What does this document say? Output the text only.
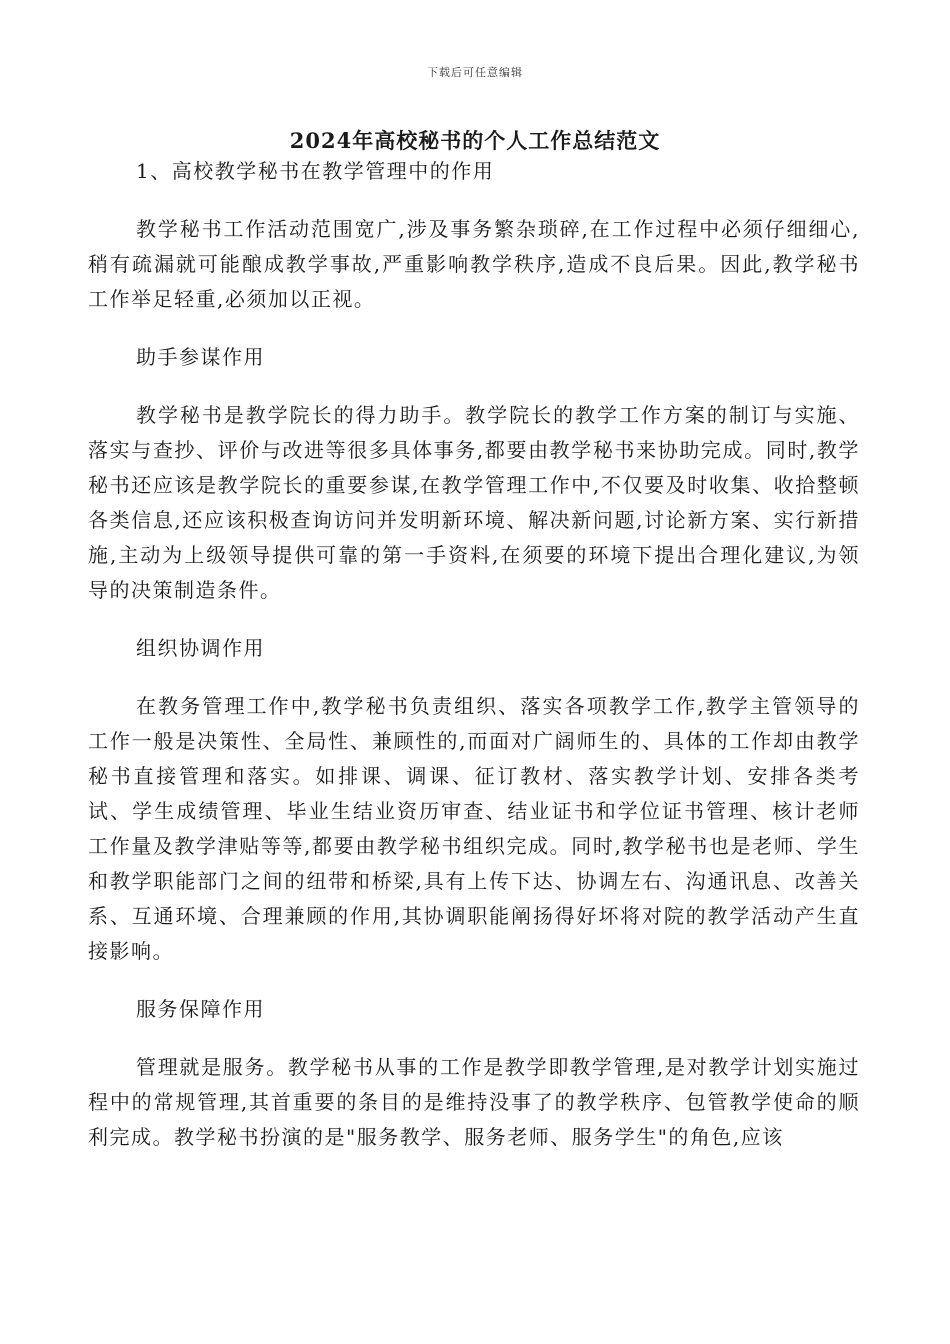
下载后可任意编辑
2024年高校秘书的个人工作总结范文

1、高校教学秘书在教学管理中的作用

教学秘书工作活动范围宽广,涉及事务繁杂琐碎,在工作过程中必须仔细细心,稍有疏漏就可能酿成教学事故,严重影响教学秩序,造成不良后果。因此,教学秘书工作举足轻重,必须加以正视。

助手参谋作用

教学秘书是教学院长的得力助手。教学院长的教学工作方案的制订与实施、落实与查抄、评价与改进等很多具体事务,都要由教学秘书来协助完成。同时,教学秘书还应该是教学院长的重要参谋,在教学管理工作中,不仅要及时收集、收拾整顿各类信息,还应该积极查询访问并发明新环境、解决新问题,讨论新方案、实行新措施,主动为上级领导提供可靠的第一手资料,在须要的环境下提出合理化建议,为领导的决策制造条件。

组织协调作用

在教务管理工作中,教学秘书负责组织、落实各项教学工作,教学主管领导的工作一般是决策性、全局性、兼顾性的,而面对广阔师生的、具体的工作却由教学秘书直接管理和落实。如排课、调课、征订教材、落实教学计划、安排各类考试、学生成绩管理、毕业生结业资历审查、结业证书和学位证书管理、核计老师工作量及教学津贴等等,都要由教学秘书组织完成。同时,教学秘书也是老师、学生和教学职能部门之间的纽带和桥梁,具有上传下达、协调左右、沟通讯息、改善关系、互通环境、合理兼顾的作用,其协调职能阐扬得好坏将对院的教学活动产生直接影响。

服务保障作用

管理就是服务。教学秘书从事的工作是教学即教学管理,是对教学计划实施过程中的常规管理,其首重要的条目的是维持没事了的教学秩序、包管教学使命的顺利完成。教学秘书扮演的是"服务教学、服务老师、服务学生"的角色,应该
